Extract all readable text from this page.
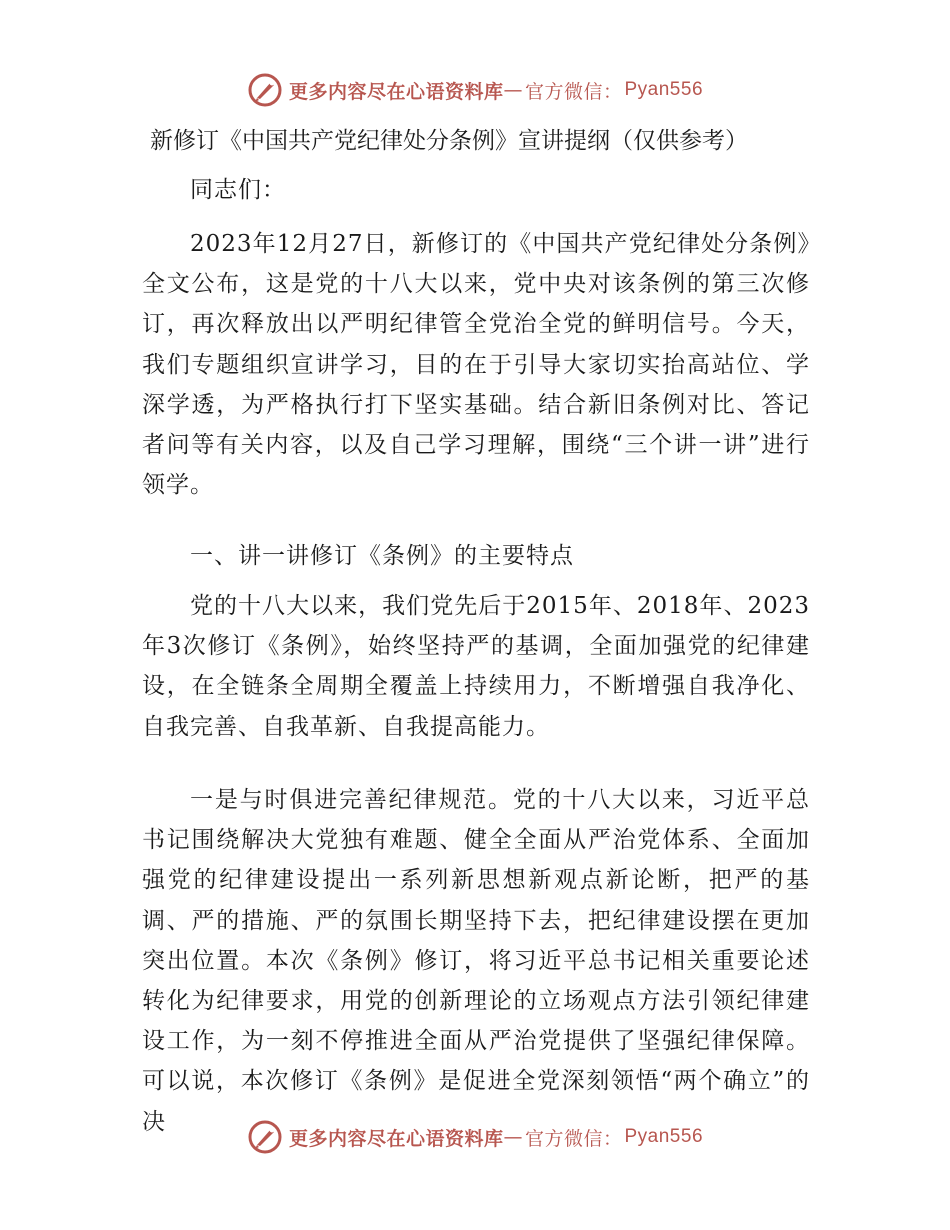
更多内容尽在心语资料库 — 官方微信： Pyan556
新修订《中国共产党纪律处分条例》宣讲提纲（仅供参考）

同志们：

2023年12月27日，新修订的《中国共产党纪律处分条例》全文公布，这是党的十八大以来，党中央对该条例的第三次修订，再次释放出以严明纪律管全党治全党的鲜明信号。今天，我们专题组织宣讲学习，目的在于引导大家切实抬高站位、学深学透，为严格执行打下坚实基础。结合新旧条例对比、答记者问等有关内容，以及自己学习理解，围绕“三个讲一讲”进行领学。

一、讲一讲修订《条例》的主要特点

党的十八大以来，我们党先后于2015年、2018年、2023年3次修订《条例》，始终坚持严的基调，全面加强党的纪律建设，在全链条全周期全覆盖上持续用力，不断增强自我净化、自我完善、自我革新、自我提高能力。

一是与时俱进完善纪律规范。党的十八大以来，习近平总书记围绕解决大党独有难题、健全全面从严治党体系、全面加强党的纪律建设提出一系列新思想新观点新论断，把严的基调、严的措施、严的氛围长期坚持下去，把纪律建设摆在更加突出位置。本次《条例》修订，将习近平总书记相关重要论述转化为纪律要求，用党的创新理论的立场观点方法引领纪律建设工作，为一刻不停推进全面从严治党提供了坚强纪律保障。可以说，本次修订《条例》是促进全党深刻领悟“两个确立”的决

更多内容尽在心语资料库 — 官方微信： Pyan556
